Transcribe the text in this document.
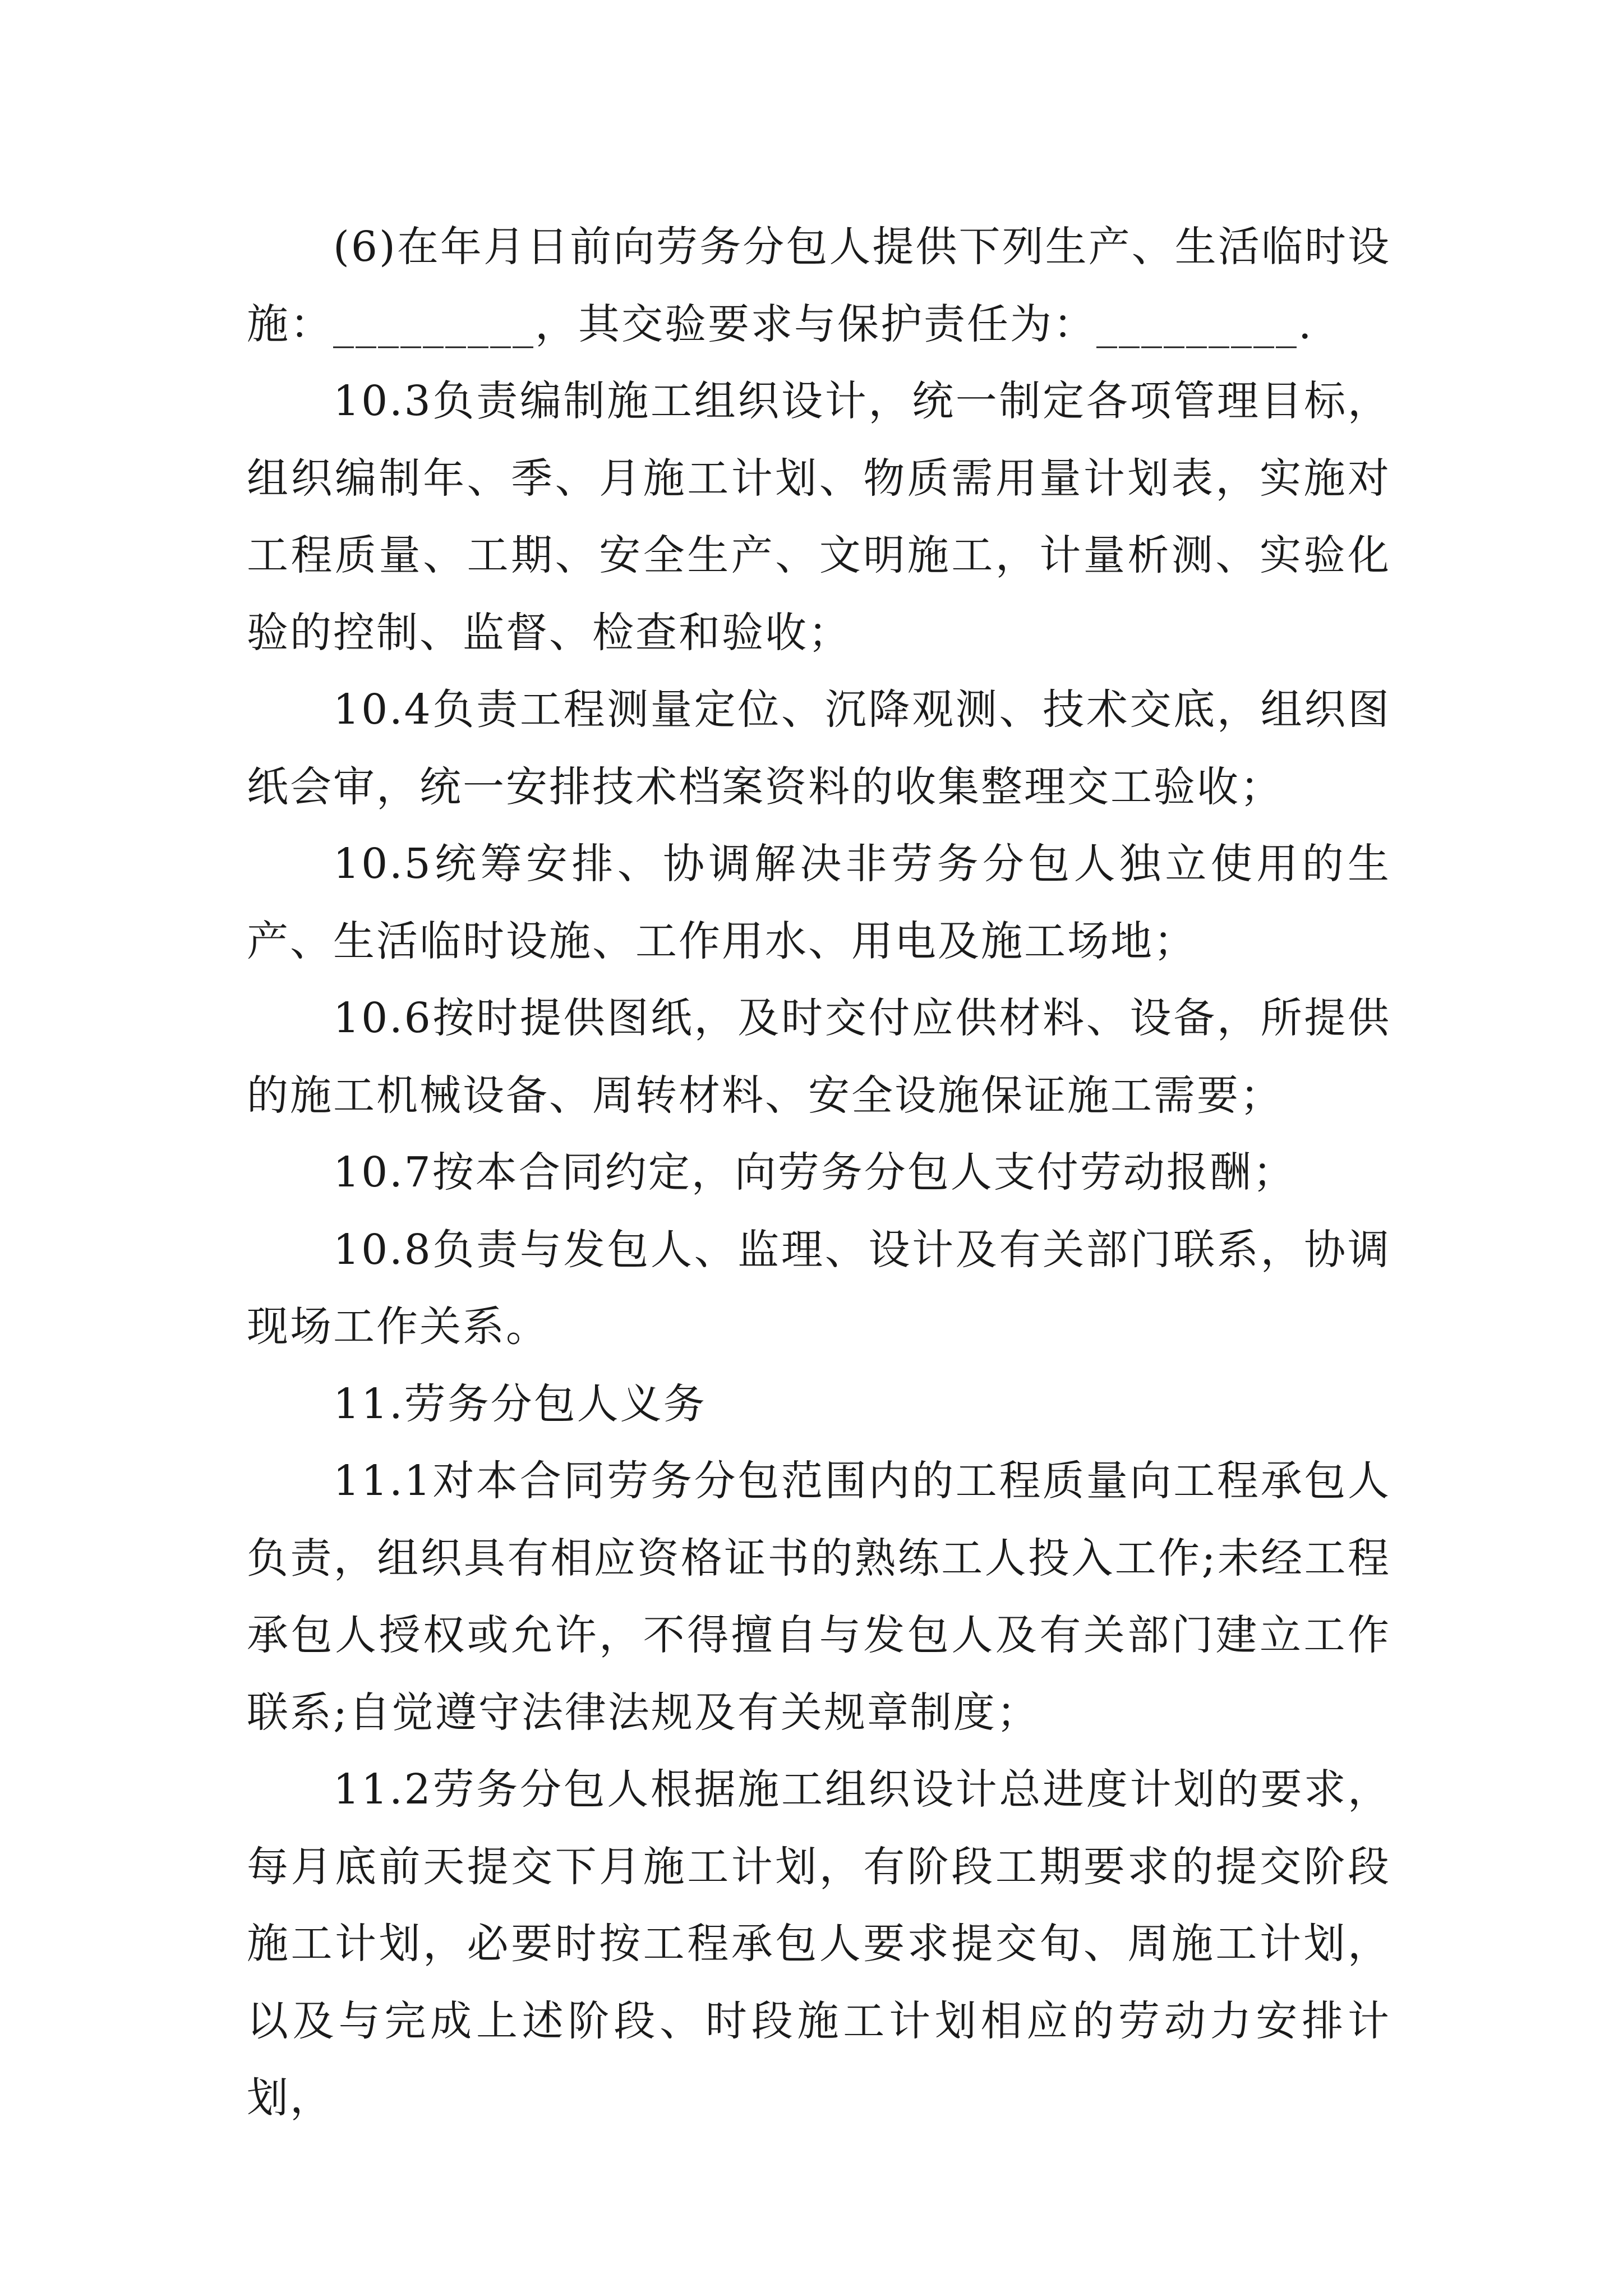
(6)在年月日前向劳务分包人提供下列生产、生活临时设施：_________，其交验要求与保护责任为：_________.

10.3负责编制施工组织设计，统一制定各项管理目标，组织编制年、季、月施工计划、物质需用量计划表，实施对工程质量、工期、安全生产、文明施工，计量析测、实验化验的控制、监督、检查和验收；

10.4负责工程测量定位、沉降观测、技术交底，组织图纸会审，统一安排技术档案资料的收集整理交工验收；

10.5统筹安排、协调解决非劳务分包人独立使用的生产、生活临时设施、工作用水、用电及施工场地；

10.6按时提供图纸，及时交付应供材料、设备，所提供的施工机械设备、周转材料、安全设施保证施工需要；

10.7按本合同约定，向劳务分包人支付劳动报酬；

10.8负责与发包人、监理、设计及有关部门联系，协调现场工作关系。

11.劳务分包人义务

11.1对本合同劳务分包范围内的工程质量向工程承包人负责，组织具有相应资格证书的熟练工人投入工作;未经工程承包人授权或允许，不得擅自与发包人及有关部门建立工作联系;自觉遵守法律法规及有关规章制度；

11.2劳务分包人根据施工组织设计总进度计划的要求，每月底前天提交下月施工计划，有阶段工期要求的提交阶段施工计划，必要时按工程承包人要求提交旬、周施工计划，以及与完成上述阶段、时段施工计划相应的劳动力安排计划，
